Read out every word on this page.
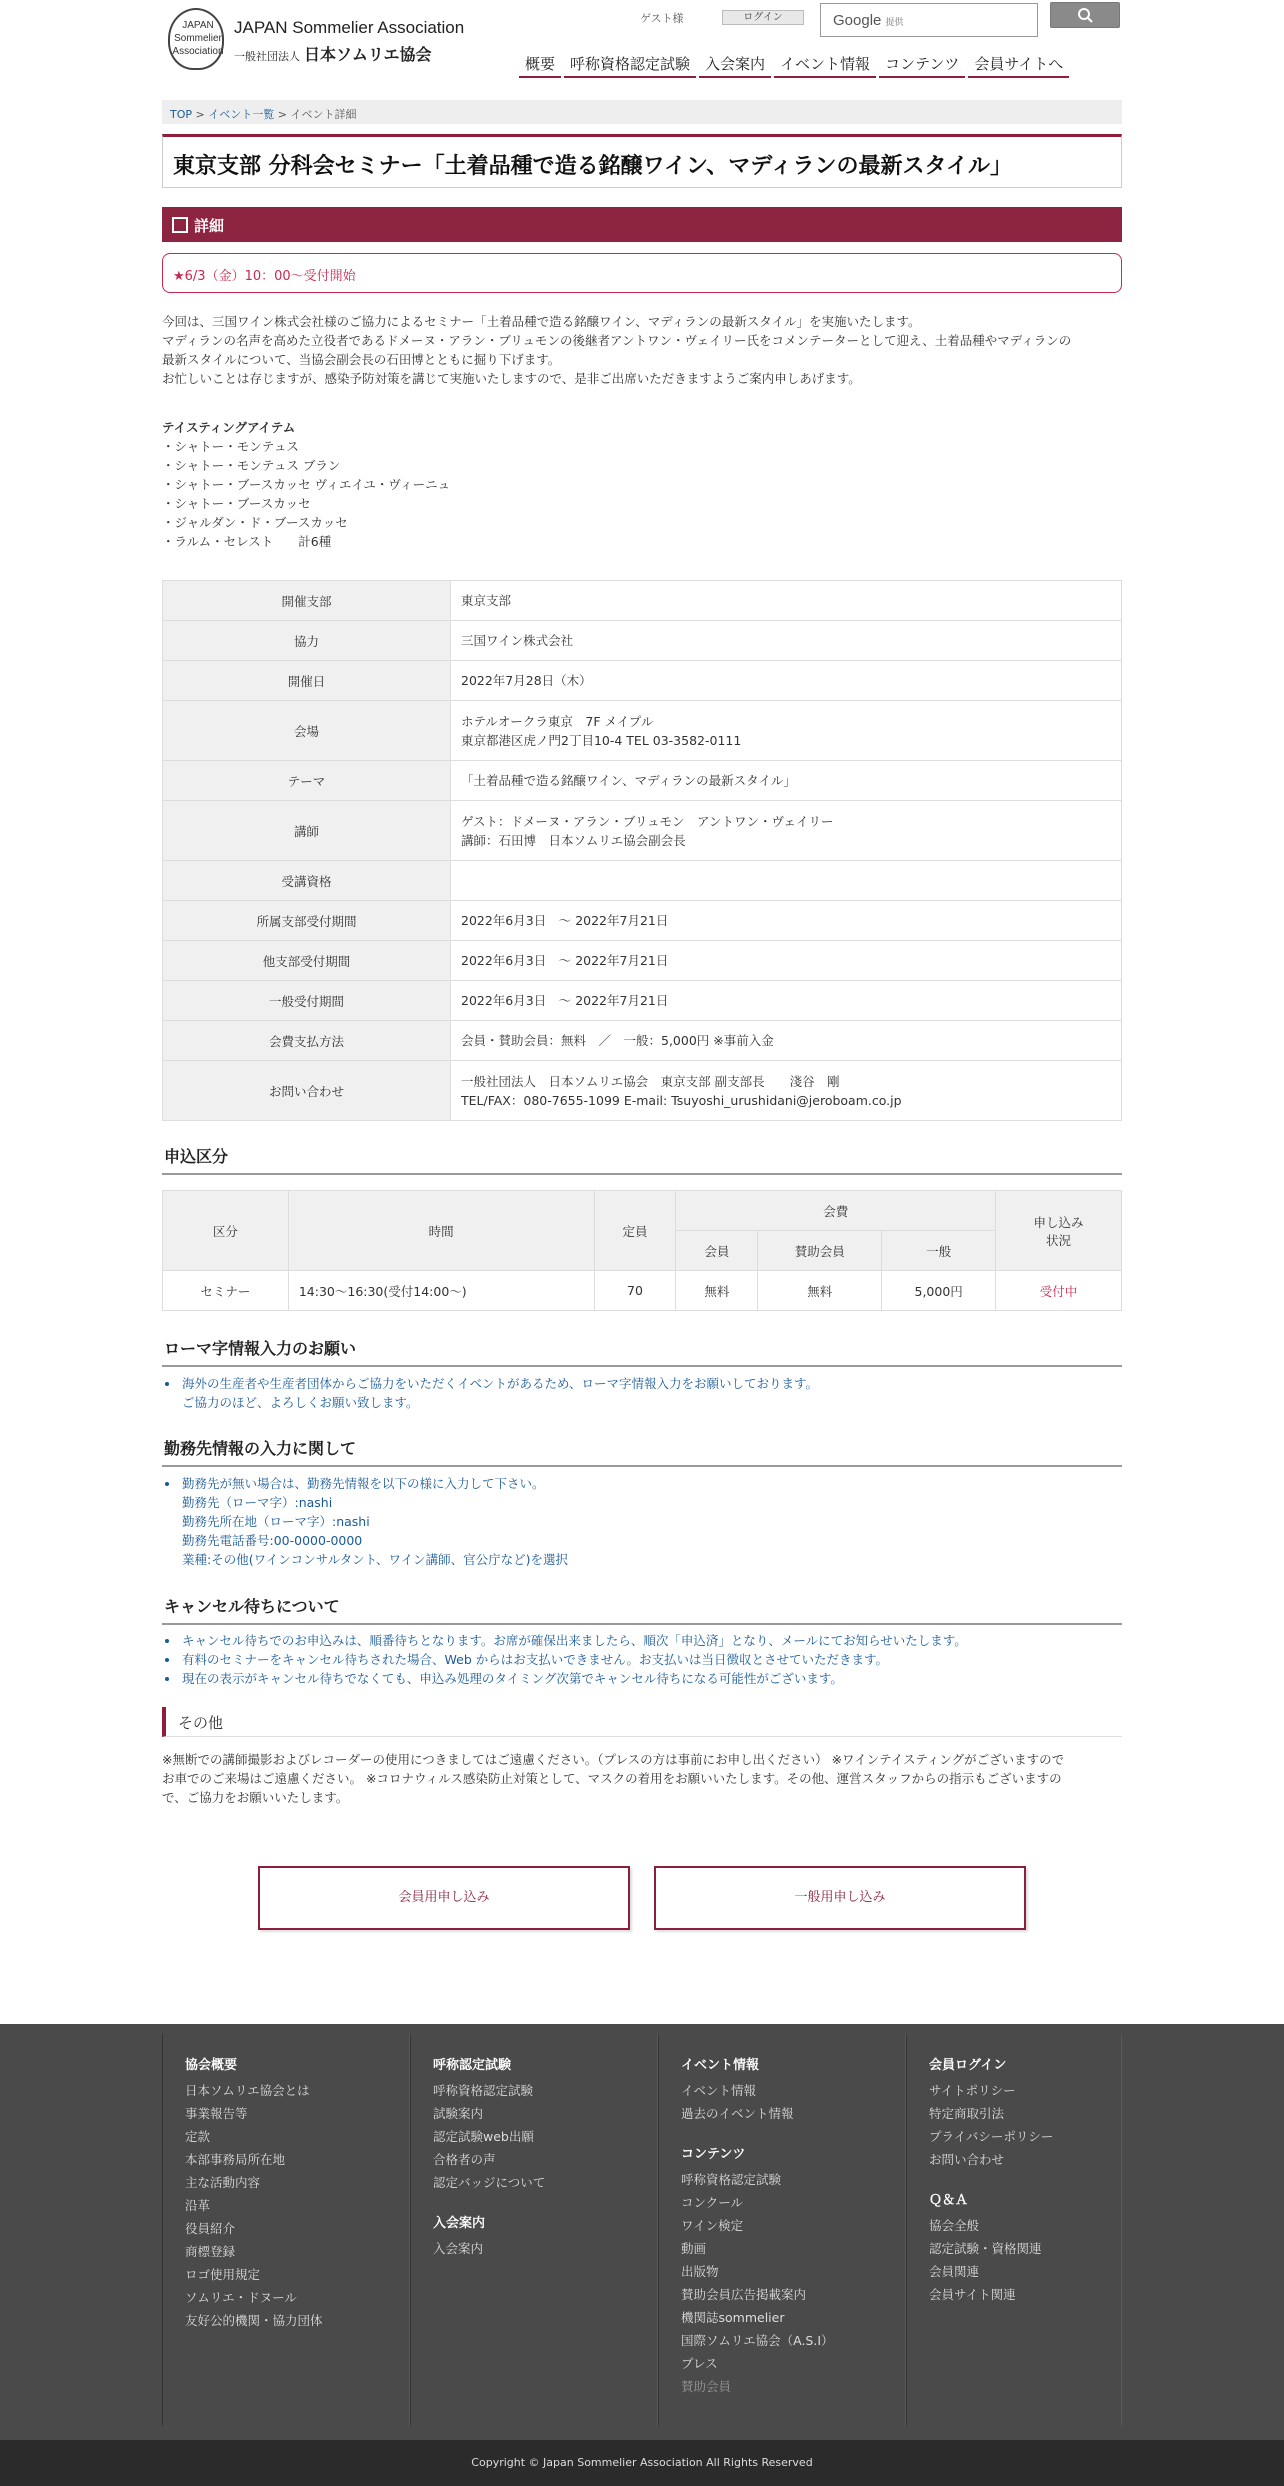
JAPAN
Sommelier
Association
JAPAN Sommelier Association
一般社団法人 日本ソムリエ協会
ゲスト様	ログイン	Google 提供
概要	呼称資格認定試験	入会案内	イベント情報	コンテンツ	会員サイトへ
TOP > イベント一覧 > イベント詳細
東京支部 分科会セミナー「土着品種で造る銘醸ワイン、マディランの最新スタイル」
詳細
★6/3（金）10：00～受付開始
今回は、三国ワイン株式会社様のご協力によるセミナー「土着品種で造る銘醸ワイン、マディランの最新スタイル」を実施いたします。
マディランの名声を高めた立役者であるドメーヌ・アラン・ブリュモンの後継者アントワン・ヴェイリー氏をコメンテーターとして迎え、土着品種やマディランの
最新スタイルについて、当協会副会長の石田博とともに掘り下げます。
お忙しいことは存じますが、感染予防対策を講じて実施いたしますので、是非ご出席いただきますようご案内申しあげます。
テイスティングアイテム
・シャトー・モンテュス
・シャトー・モンテュス ブラン
・シャトー・ブースカッセ ヴィエイユ・ヴィーニュ
・シャトー・ブースカッセ
・ジャルダン・ド・ブースカッセ
・ラルム・セレスト　　計6種
開催支部	東京支部
協力	三国ワイン株式会社
開催日	2022年7月28日（木）
会場	ホテルオークラ東京　7F メイプル
東京都港区虎ノ門2丁目10-4 TEL 03-3582-0111

テーマ	「土着品種で造る銘醸ワイン、マディランの最新スタイル」
講師	ゲスト：ドメーヌ・アラン・ブリュモン　アントワン・ヴェイリー
講師：石田博　日本ソムリエ協会副会長

受講資格	
所属支部受付期間	2022年6月3日　～ 2022年7月21日
他支部受付期間	2022年6月3日　～ 2022年7月21日
一般受付期間	2022年6月3日　～ 2022年7月21日
会費支払方法	会員・賛助会員：無料　／　一般：5,000円 ※事前入金
お問い合わせ	一般社団法人　日本ソムリエ協会　東京支部 副支部長　　淺谷　剛
TEL/FAX：080-7655-1099 E-mail: Tsuyoshi_urushidani@jeroboam.co.jp
申込区分
区分	時間	定員	会費			申し込み
状況

			会員	賛助会員	一般	
セミナー	14:30～16:30(受付14:00～)	70	無料	無料	5,000円	受付中
ローマ字情報入力のお願い
• 海外の生産者や生産者団体からご協力をいただくイベントがあるため、ローマ字情報入力をお願いしております。
ご協力のほど、よろしくお願い致します。
勤務先情報の入力に関して
• 勤務先が無い場合は、勤務先情報を以下の様に入力して下さい。
勤務先（ローマ字）:nashi
勤務先所在地（ローマ字）:nashi
勤務先電話番号:00-0000-0000
業種:その他(ワインコンサルタント、ワイン講師、官公庁など)を選択
キャンセル待ちについて
• キャンセル待ちでのお申込みは、順番待ちとなります。お席が確保出来ましたら、順次「申込済」となり、メールにてお知らせいたします。
• 有料のセミナーをキャンセル待ちされた場合、Web からはお支払いできません。お支払いは当日徴収とさせていただきます。
• 現在の表示がキャンセル待ちでなくても、申込み処理のタイミング次第でキャンセル待ちになる可能性がございます。
その他
※無断での講師撮影およびレコーダーの使用につきましてはご遠慮ください。（プレスの方は事前にお申し出ください） ※ワインテイスティングがございますので
お車でのご来場はご遠慮ください。 ※コロナウィルス感染防止対策として、マスクの着用をお願いいたします。その他、運営スタッフからの指示もございますの
で、ご協力をお願いいたします。
会員用申し込み	一般用申し込み
協会概要
日本ソムリエ協会とは
事業報告等
定款
本部事務局所在地
主な活動内容
沿革
役員紹介
商標登録
ロゴ使用規定
ソムリエ・ドヌール
友好公的機関・協力団体
呼称認定試験
呼称資格認定試験
試験案内
認定試験web出願
合格者の声
認定バッジについて
入会案内
入会案内
イベント情報
イベント情報
過去のイベント情報
コンテンツ
呼称資格認定試験
コンクール
ワイン検定
動画
出版物
賛助会員広告掲載案内
機関誌sommelier
国際ソムリエ協会（A.S.I）
プレス
賛助会員
会員ログイン
サイトポリシー
特定商取引法
プライバシーポリシー
お問い合わせ
Ｑ＆Ａ
協会全般
認定試験・資格関連
会員関連
会員サイト関連
Copyright © Japan Sommelier Association All Rights Reserved
